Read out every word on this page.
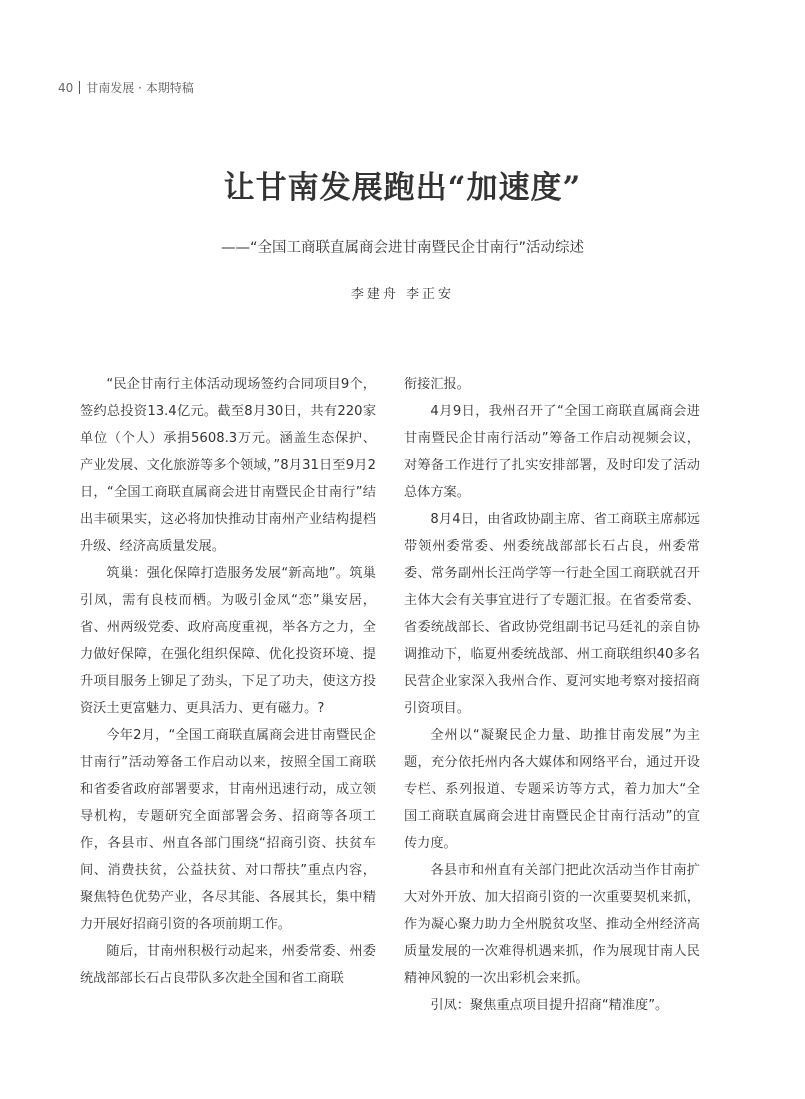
40 甘南发展 · 本期特稿
让甘南发展跑出“加速度”
——“全国工商联直属商会进甘南暨民企甘南行”活动综述
李建舟 李正安

“民企甘南行主体活动现场签约合同项目9个，签约总投资13.4亿元。截至8月30日，共有220家单位（个人）承捐5608.3万元。涵盖生态保护、产业发展、文化旅游等多个领域，”8月31日至9月2日，“全国工商联直属商会进甘南暨民企甘南行”结出丰硕果实，这必将加快推动甘南州产业结构提档升级、经济高质量发展。

筑巢：强化保障打造服务发展“新高地”。筑巢引凤，需有良枝而栖。为吸引金凤“恋”巢安居，省、州两级党委、政府高度重视，举各方之力，全力做好保障，在强化组织保障、优化投资环境、提升项目服务上铆足了劲头，下足了功夫，使这方投资沃土更富魅力、更具活力、更有磁力。?

今年2月，“全国工商联直属商会进甘南暨民企甘南行”活动筹备工作启动以来，按照全国工商联和省委省政府部署要求，甘南州迅速行动，成立领导机构，专题研究全面部署会务、招商等各项工作，各县市、州直各部门围绕“招商引资、扶贫车间、消费扶贫，公益扶贫、对口帮扶”重点内容，聚焦特色优势产业，各尽其能、各展其长，集中精力开展好招商引资的各项前期工作。

随后，甘南州积极行动起来，州委常委、州委统战部部长石占良带队多次赴全国和省工商联

衔接汇报。

4月9日，我州召开了“全国工商联直属商会进甘南暨民企甘南行活动”筹备工作启动视频会议，对筹备工作进行了扎实安排部署，及时印发了活动总体方案。

8月4日，由省政协副主席、省工商联主席郝远带领州委常委、州委统战部部长石占良，州委常委、常务副州长汪尚学等一行赴全国工商联就召开主体大会有关事宜进行了专题汇报。在省委常委、省委统战部长、省政协党组副书记马廷礼的亲自协调推动下，临夏州委统战部、州工商联组织40多名民营企业家深入我州合作、夏河实地考察对接招商引资项目。

全州以“凝聚民企力量、助推甘南发展”为主题，充分依托州内各大媒体和网络平台，通过开设专栏、系列报道、专题采访等方式，着力加大“全国工商联直属商会进甘南暨民企甘南行活动”的宣传力度。

各县市和州直有关部门把此次活动当作甘南扩大对外开放、加大招商引资的一次重要契机来抓，作为凝心聚力助力全州脱贫攻坚、推动全州经济高质量发展的一次难得机遇来抓，作为展现甘南人民精神风貌的一次出彩机会来抓。

引凤：聚焦重点项目提升招商“精准度”。
